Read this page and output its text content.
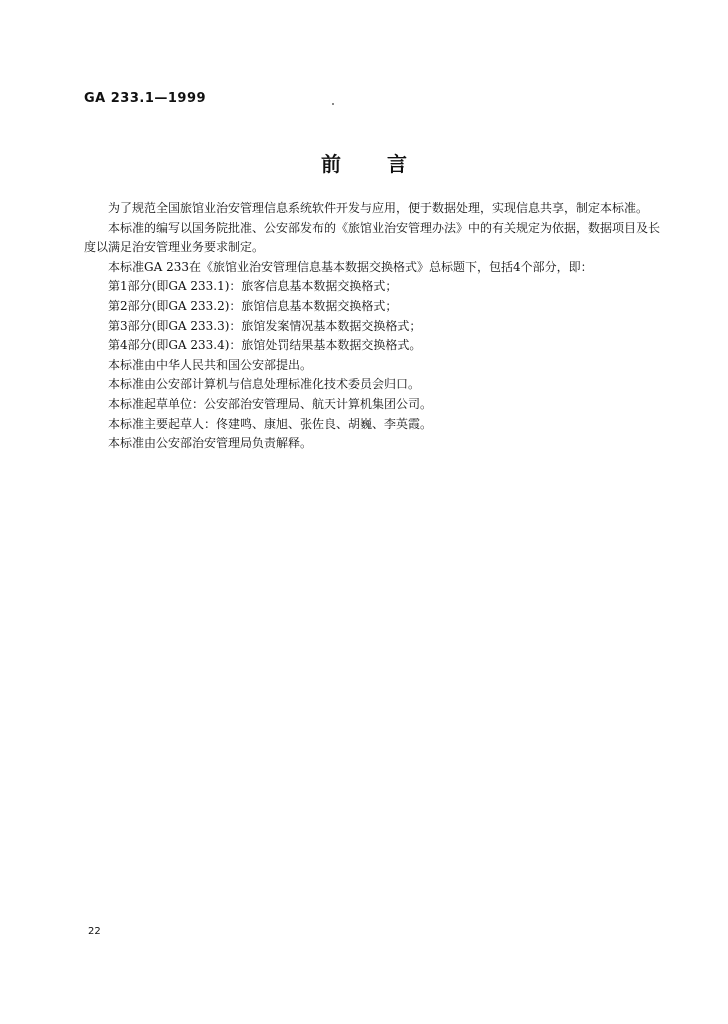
GA 233.1—1999
前 言

为了规范全国旅馆业治安管理信息系统软件开发与应用，便于数据处理，实现信息共享，制定本标准。

本标准的编写以国务院批准、公安部发布的《旅馆业治安管理办法》中的有关规定为依据，数据项目及长度以满足治安管理业务要求制定。

本标准GA 233在《旅馆业治安管理信息基本数据交换格式》总标题下，包括4个部分，即：

第1部分(即GA 233.1)：旅客信息基本数据交换格式；

第2部分(即GA 233.2)：旅馆信息基本数据交换格式；

第3部分(即GA 233.3)：旅馆发案情况基本数据交换格式；

第4部分(即GA 233.4)：旅馆处罚结果基本数据交换格式。

本标准由中华人民共和国公安部提出。

本标准由公安部计算机与信息处理标准化技术委员会归口。

本标准起草单位：公安部治安管理局、航天计算机集团公司。

本标准主要起草人：佟建鸣、康旭、张佐良、胡巍、李英霞。

本标准由公安部治安管理局负责解释。

22
